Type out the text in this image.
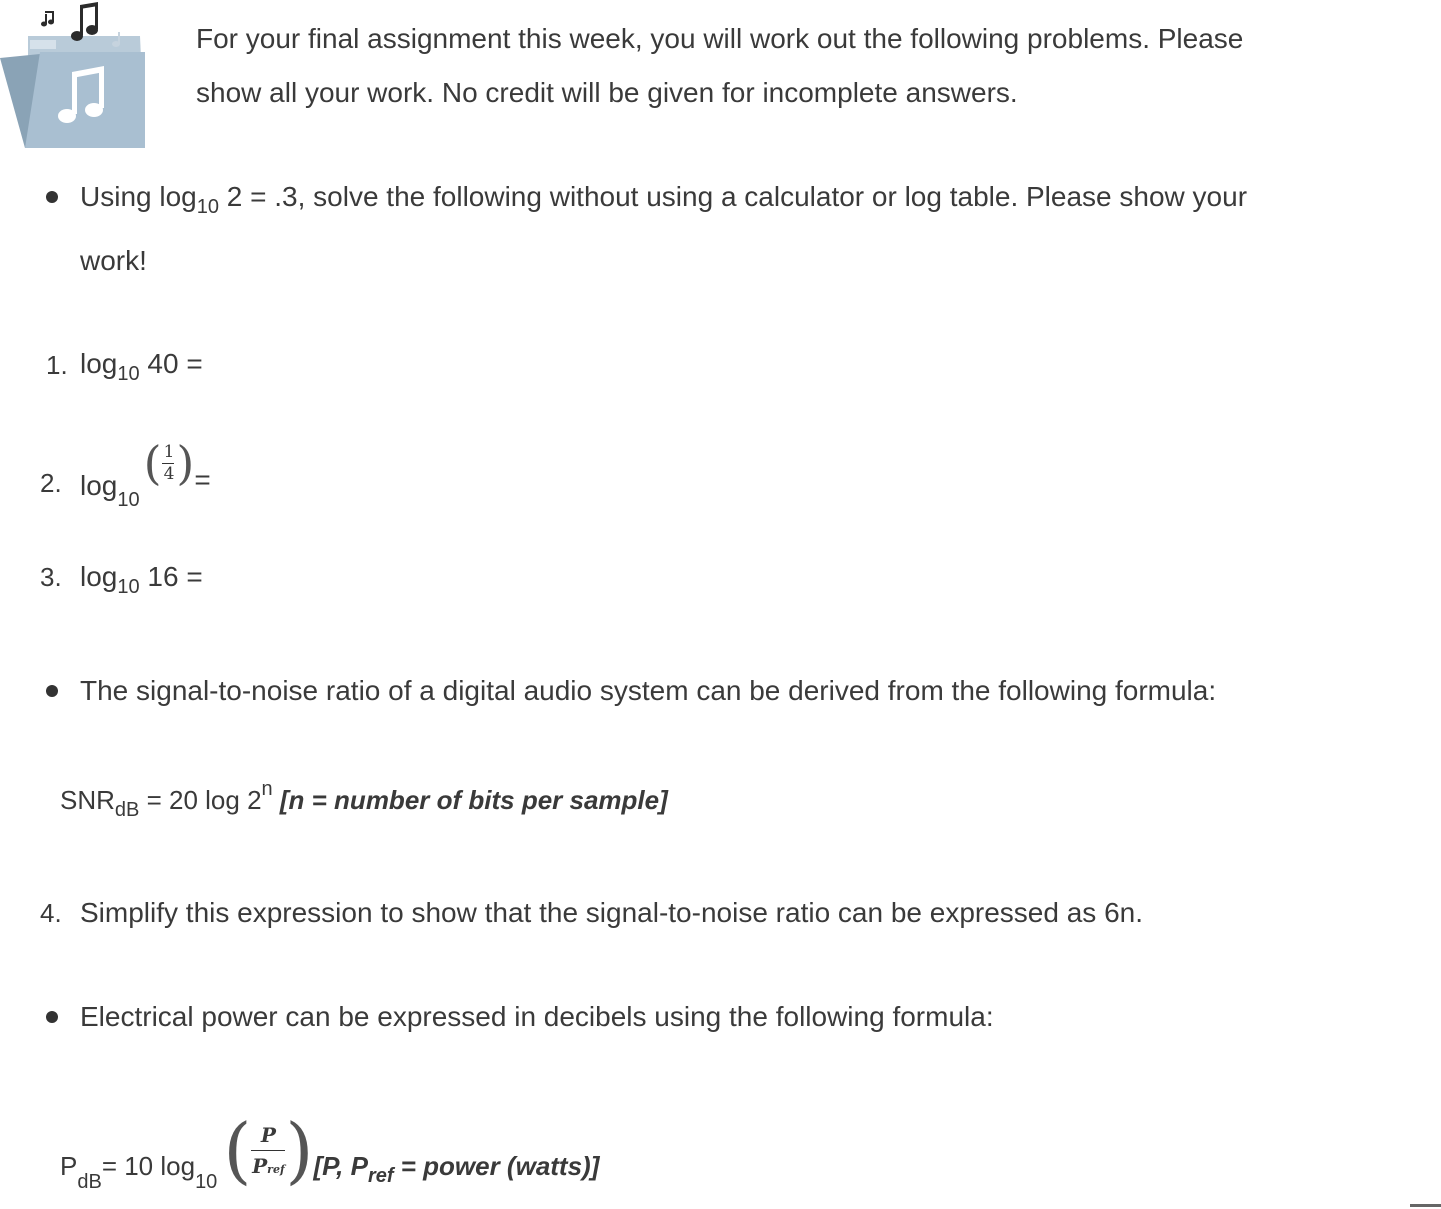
For your final assignment this week, you will work out the following problems. Please
show all your work. No credit will be given for incomplete answers.
Using $\log_{10} 2 = .3$, solve the following without using a calculator or log table. Please show your
work!
1. $\log_{10} 40$ =
2. log 10
( $\frac{1}{4}$ ) =
3. $\log_{10} 16$ =
The signal-to-noise ratio of a digital audio system can be derived from the following formula:
$SNR_{dB} = 20$ log 2$^n$ [n = number of bits per sample]
4. Simplify this expression to show that the signal-to-noise ratio can be expressed as 6n.
Electrical power can be expressed in decibels using the following formula:
P
dB
= 10 log
10 ( $\frac{P}{\text{Pref}}$ ) [P, $P_{ref}$ = power (watts)]
